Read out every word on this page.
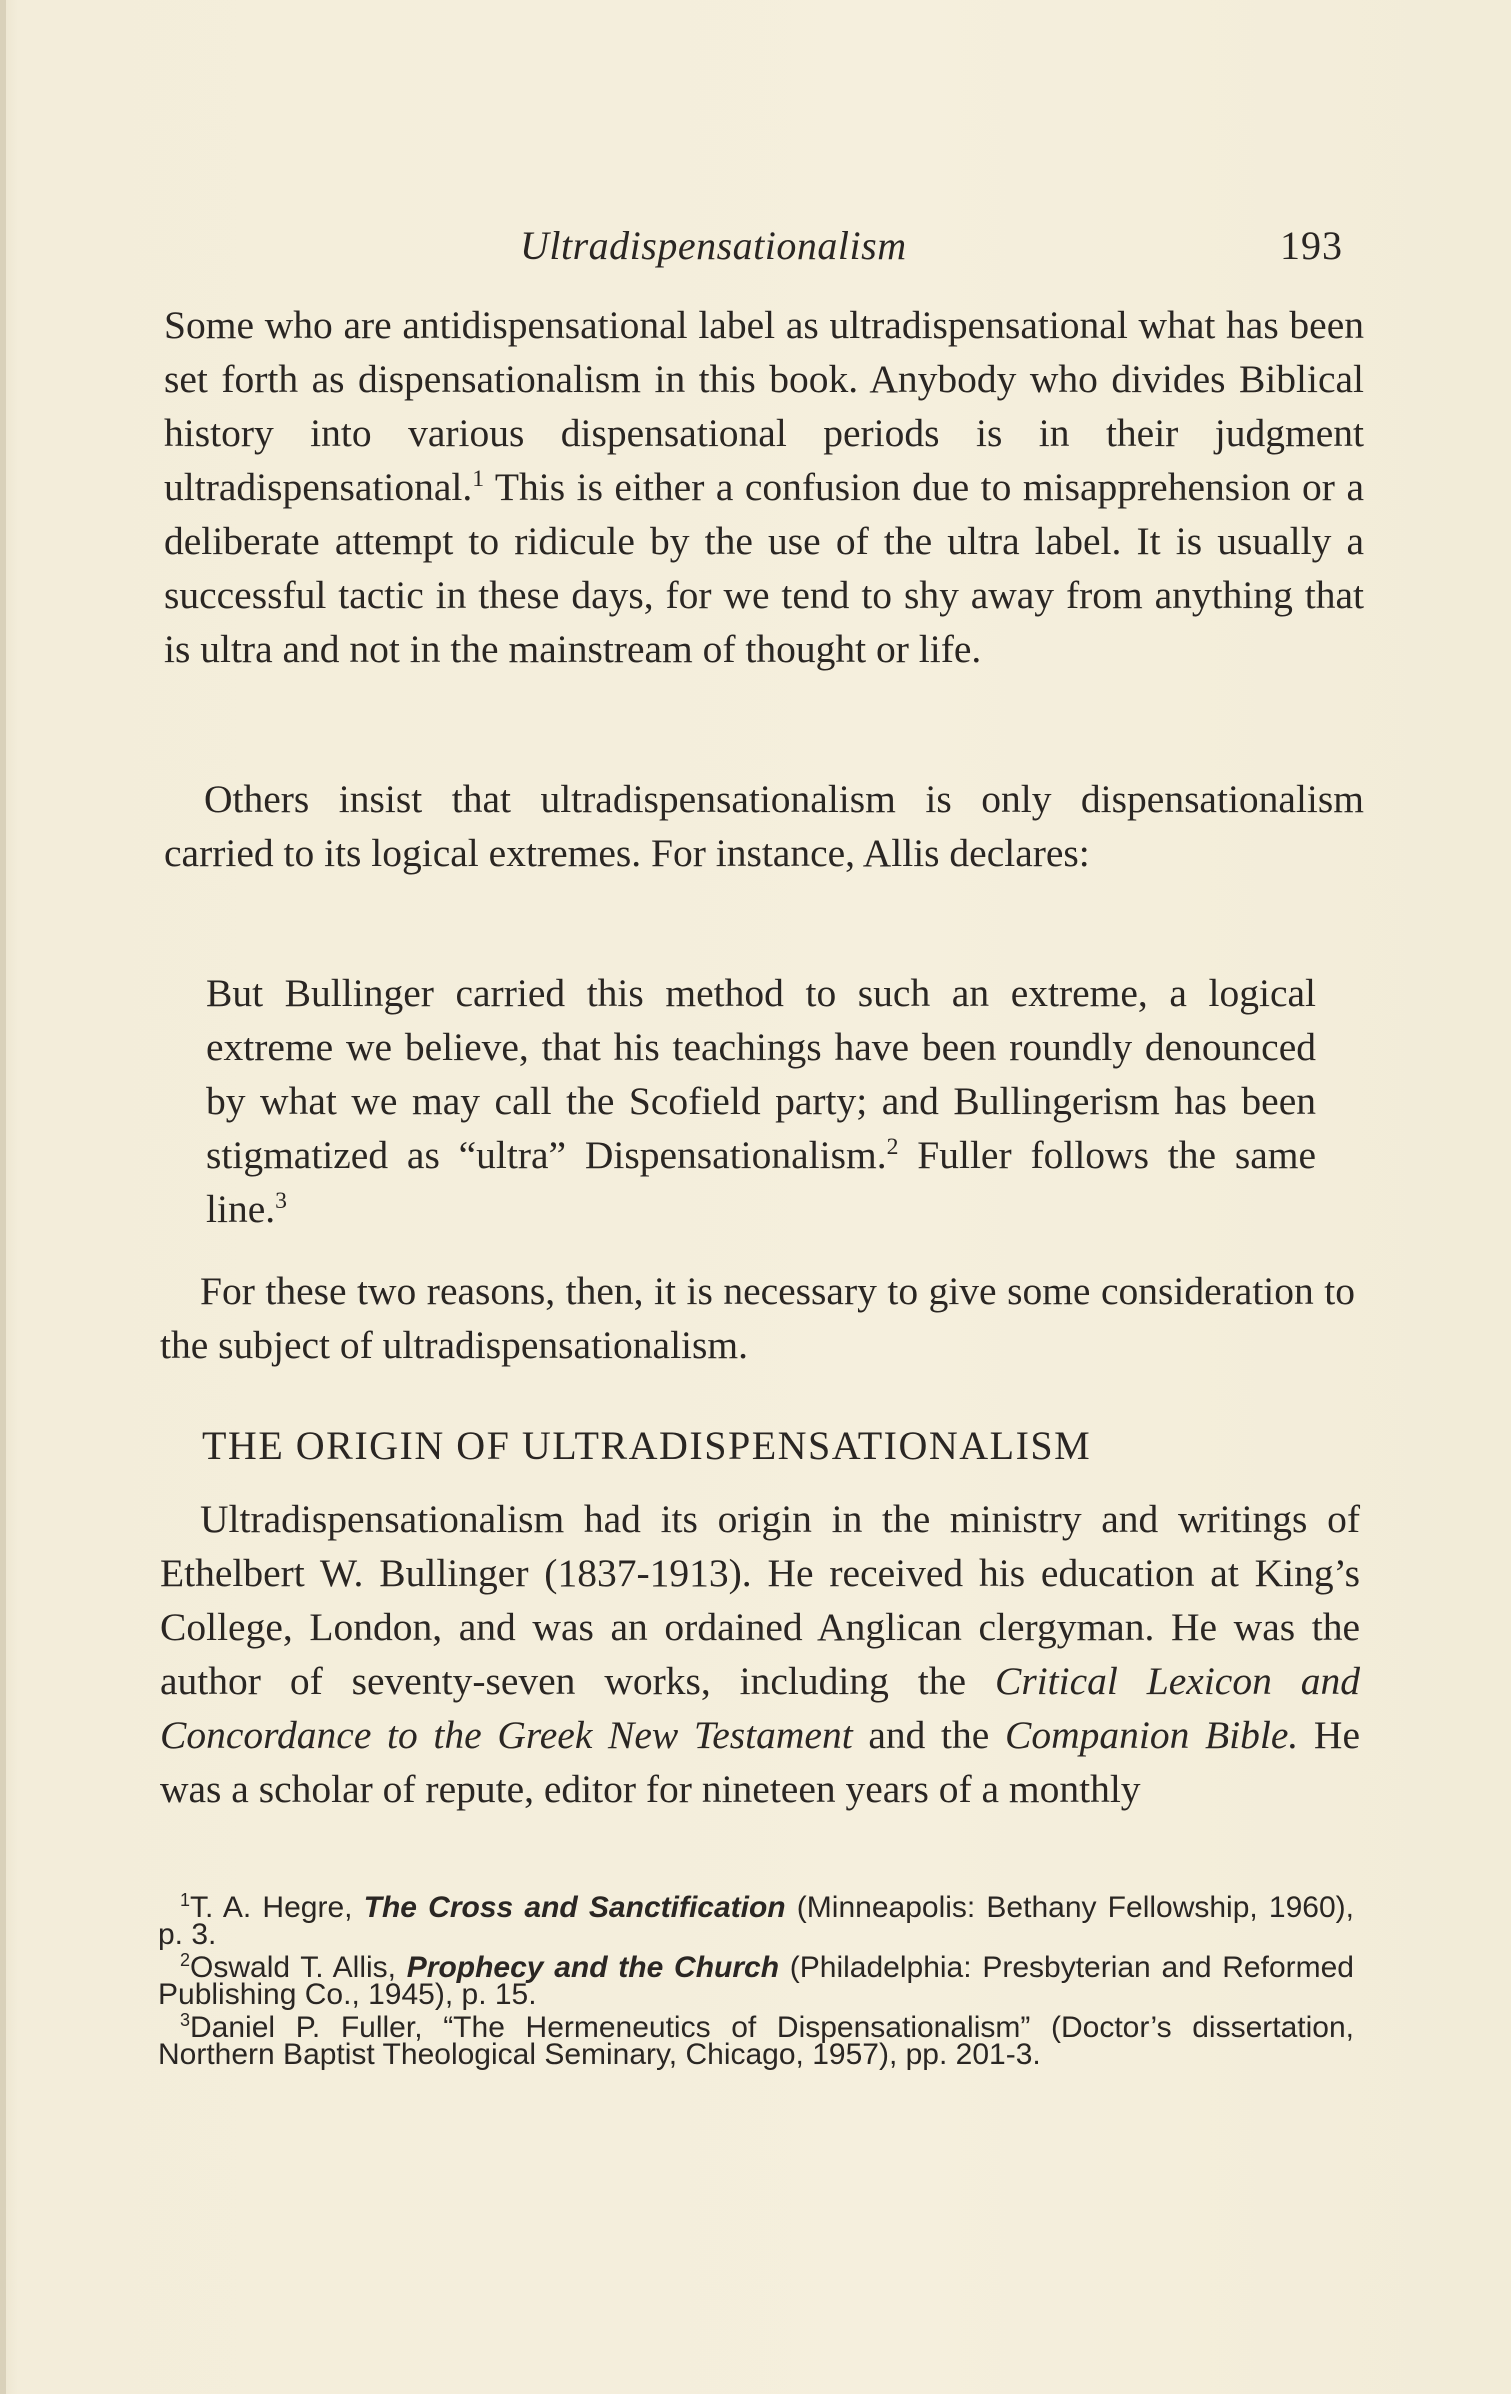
Ultradispensationalism	193

Some who are antidispensational label as ultradispensational what has been set forth as dispensationalism in this book. Anybody who divides Biblical history into various dispensational periods is in their judgment ultradispensational.$^1$ This is either a confusion due to misapprehension or a deliberate attempt to ridicule by the use of the ultra label. It is usually a successful tactic in these days, for we tend to shy away from anything that is ultra and not in the mainstream of thought or life.

Others insist that ultradispensationalism is only dispensationalism carried to its logical extremes. For instance, Allis declares:

But Bullinger carried this method to such an extreme, a logical extreme we believe, that his teachings have been roundly denounced by what we may call the Scofield party; and Bullingerism has been stigmatized as “ultra” Dispensationalism.$^2$ Fuller follows the same line.$^3$

For these two reasons, then, it is necessary to give some consideration to the subject of ultradispensationalism.

THE ORIGIN OF ULTRADISPENSATIONALISM

Ultradispensationalism had its origin in the ministry and writings of Ethelbert W. Bullinger (1837-1913). He received his education at King’s College, London, and was an ordained Anglican clergyman. He was the author of seventy-seven works, including the Critical Lexicon and Concordance to the Greek New Testament and the Companion Bible. He was a scholar of repute, editor for nineteen years of a monthly

$^1$T. A. Hegre, The Cross and Sanctification (Minneapolis: Bethany Fellowship, 1960), p. 3.

$^2$Oswald T. Allis, Prophecy and the Church (Philadelphia: Presbyterian and Reformed Publishing Co., 1945), p. 15.

$^3$Daniel P. Fuller, “The Hermeneutics of Dispensationalism” (Doctor’s dissertation, Northern Baptist Theological Seminary, Chicago, 1957), pp. 201-3.
